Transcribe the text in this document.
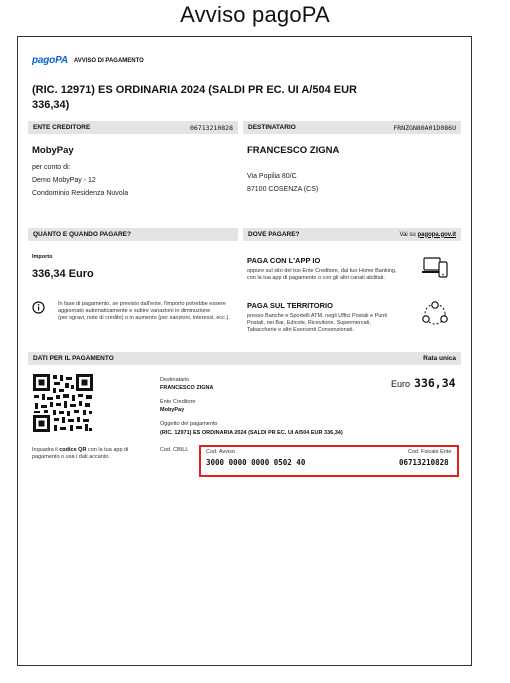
Avviso pagoPA
pagoPA AVVISO DI PAGAMENTO
(RIC. 12971) ES ORDINARIA 2024 (SALDI PR EC. UI A/504 EUR 336,34)
ENTE CREDITORE	06713210828 DESTINATARIO	FRNZGN80A01D086U
MobyPay
per conto di:
Demo MobyPay - 12
Condominio Residenza Nuvola
FRANCESCO ZIGNA
Via Popilia 80/C
87100 COSENZA (CS)
QUANTO E QUANDO PAGARE?	DOVE PAGARE?	Vai su pagopa.gov.it
Importo
336,34 Euro
In fase di pagamento, se previsto dall'ente, l'importo potrebbe essere
aggiornato automaticamente e subire variazioni in diminuzione
(per sgravi, note di credito) o in aumento (per sanzioni, interessi, ecc.).
PAGA CON L'APP IO
oppure sul sito del tuo Ente Creditore, dal tuo Home Banking,
con la tua app di pagamento o con gli altri canali abilitati.
PAGA SUL TERRITORIO
presso Banche e Sportelli ATM, negli Uffici Postali e Punti
Postali, nei Bar, Edicole, Ricevitorie, Supermercati,
Tabaccherie e altri Esercenti Convenzionati.
DATI PER IL PAGAMENTO	Rata unica
Inquadra il codice QR con la tua app di
pagamento o usa i dati accanto.
Destinatario
FRANCESCO ZIGNA
Ente Creditore
MobyPay
Oggetto del pagamento
(RIC. 12971) ES ORDINARIA 2024 (SALDI PR EC. UI A/504 EUR 336,34)
Cod. CBILL
Euro 336,34
Cod. Avviso	Cod. Fiscale Ente
3000 0000 0000 0502 40	06713210828
